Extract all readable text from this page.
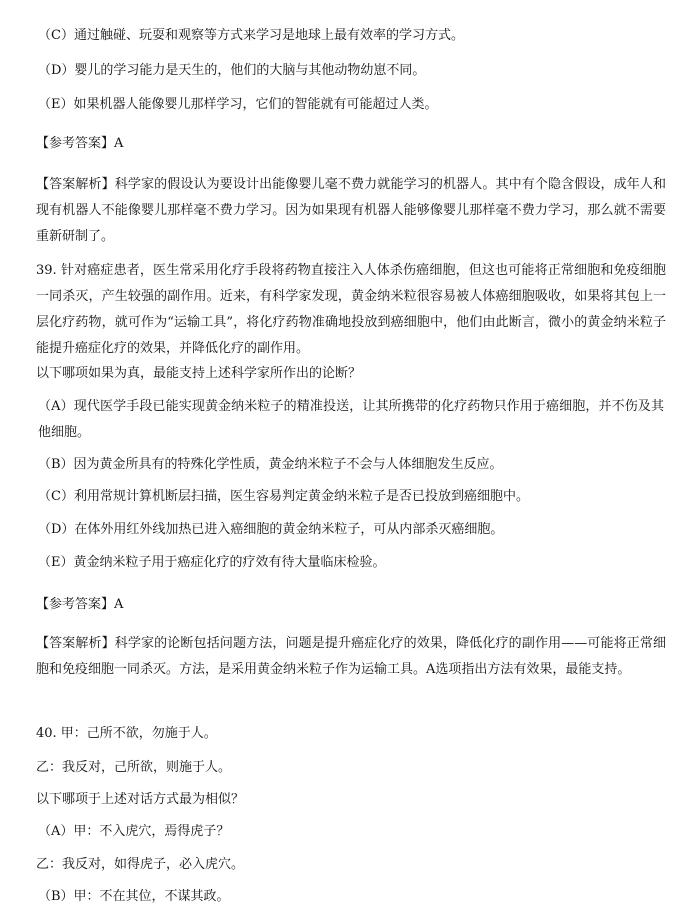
（C）通过触碰、玩耍和观察等方式来学习是地球上最有效率的学习方式。

（D）婴儿的学习能力是天生的，他们的大脑与其他动物幼崽不同。

（E）如果机器人能像婴儿那样学习，它们的智能就有可能超过人类。

【参考答案】A

【答案解析】科学家的假设认为要设计出能像婴儿毫不费力就能学习的机器人。其中有个隐含假设，成年人和现有机器人不能像婴儿那样毫不费力学习。因为如果现有机器人能够像婴儿那样毫不费力学习，那么就不需要重新研制了。

39. 针对癌症患者，医生常采用化疗手段将药物直接注入人体杀伤癌细胞，但这也可能将正常细胞和免疫细胞一同杀灭，产生较强的副作用。近来，有科学家发现，黄金纳米粒很容易被人体癌细胞吸收，如果将其包上一层化疗药物，就可作为“运输工具”，将化疗药物准确地投放到癌细胞中，他们由此断言，微小的黄金纳米粒子能提升癌症化疗的效果，并降低化疗的副作用。

以下哪项如果为真，最能支持上述科学家所作出的论断？

（A）现代医学手段已能实现黄金纳米粒子的精准投送，让其所携带的化疗药物只作用于癌细胞，并不伤及其他细胞。

（B）因为黄金所具有的特殊化学性质，黄金纳米粒子不会与人体细胞发生反应。

（C）利用常规计算机断层扫描，医生容易判定黄金纳米粒子是否已投放到癌细胞中。

（D）在体外用红外线加热已进入癌细胞的黄金纳米粒子，可从内部杀灭癌细胞。

（E）黄金纳米粒子用于癌症化疗的疗效有待大量临床检验。

【参考答案】A

【答案解析】科学家的论断包括问题方法，问题是提升癌症化疗的效果，降低化疗的副作用——可能将正常细胞和免疫细胞一同杀灭。方法，是采用黄金纳米粒子作为运输工具。A选项指出方法有效果，最能支持。

40. 甲：己所不欲，勿施于人。

乙：我反对，己所欲，则施于人。

以下哪项于上述对话方式最为相似？

（A）甲：不入虎穴，焉得虎子？

乙：我反对，如得虎子，必入虎穴。

（B）甲：不在其位，不谋其政。
